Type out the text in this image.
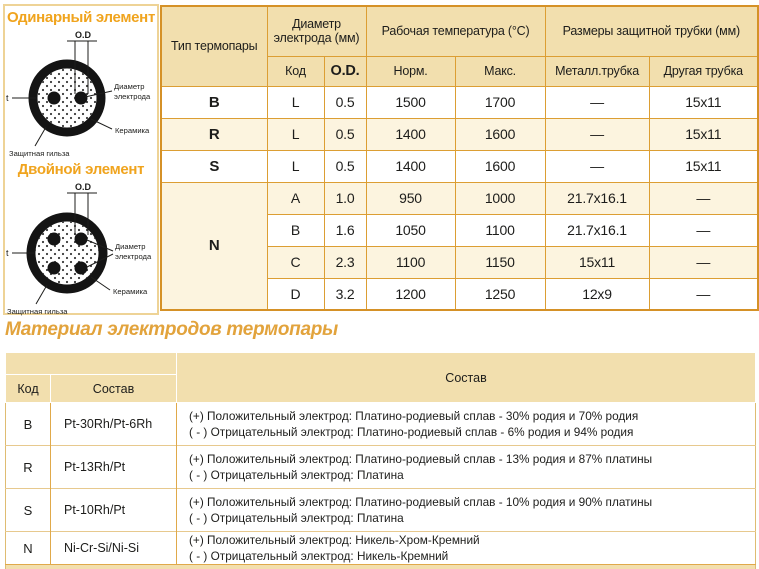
Одинарный элемент
O.D
t
Диаметр
электрода
Керамика
Защитная гильза
Двойной элемент
O.D
t
Диаметр
электрода
Керамика
Защитная гильза
Тип термопары	Диаметр электрода (мм)		Рабочая температура (°C)		Размеры защитной трубки (мм)	
	Код	O.D.	Норм.	Макс.	Металл.трубка	Другая трубка
B	L	0.5	1500	1700	—	15x11
R	L	0.5	1400	1600	—	15x11
S	L	0.5	1400	1600	—	15x11
N	A	1.0	950	1000	21.7x16.1	—
	B	1.6	1050	1100	21.7x16.1	—
	C	2.3	1100	1150	15x11	—
	D	3.2	1200	1250	12x9	—
Материал электродов термопары
		Состав
Код	Состав	
B	Pt-30Rh/Pt-6Rh	(+) Положительный электрод: Платино-родиевый сплав - 30% родия и 70% родия
( - ) Отрицательный электрод: Платино-родиевый сплав - 6% родия и 94% родия

R	Pt-13Rh/Pt	(+) Положительный электрод: Платино-родиевый сплав - 13% родия и 87% платины
( - ) Отрицательный электрод: Платина

S	Pt-10Rh/Pt	(+) Положительный электрод: Платино-родиевый сплав - 10% родия и 90% платины
( - ) Отрицательный электрод: Платина

N	Ni-Cr-Si/Ni-Si	(+) Положительный электрод: Никель-Хром-Кремний
( - ) Отрицательный электрод: Никель-Кремний
